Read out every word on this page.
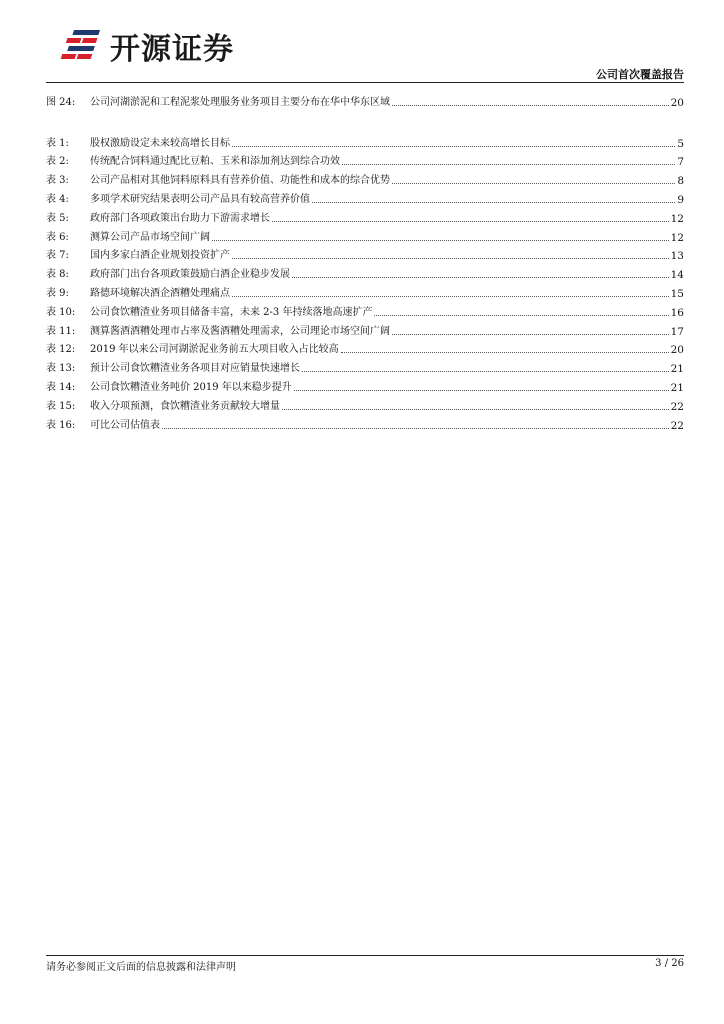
开源证券
公司首次覆盖报告
图 24:	公司河湖淤泥和工程泥浆处理服务业务项目主要分布在华中华东区域	20
表 1:	股权激励设定未来较高增长目标	5
表 2:	传统配合饲料通过配比豆粕、玉米和添加剂达到综合功效	7
表 3:	公司产品相对其他饲料原料具有营养价值、功能性和成本的综合优势	8
表 4:	多项学术研究结果表明公司产品具有较高营养价值	9
表 5:	政府部门各项政策出台助力下游需求增长	12
表 6:	测算公司产品市场空间广阔	12
表 7:	国内多家白酒企业规划投资扩产	13
表 8:	政府部门出台各项政策鼓励白酒企业稳步发展	14
表 9:	路德环境解决酒企酒糟处理痛点	15
表 10:	公司食饮糟渣业务项目储备丰富，未来 2-3 年持续落地高速扩产	16
表 11:	测算酱酒酒糟处理市占率及酱酒糟处理需求，公司理论市场空间广阔	17
表 12:	2019 年以来公司河湖淤泥业务前五大项目收入占比较高	20
表 13:	预计公司食饮糟渣业务各项目对应销量快速增长	21
表 14:	公司食饮糟渣业务吨价 2019 年以来稳步提升	21
表 15:	收入分项预测，食饮糟渣业务贡献较大增量	22
表 16:	可比公司估值表	22
请务必参阅正文后面的信息披露和法律声明	3 / 26
